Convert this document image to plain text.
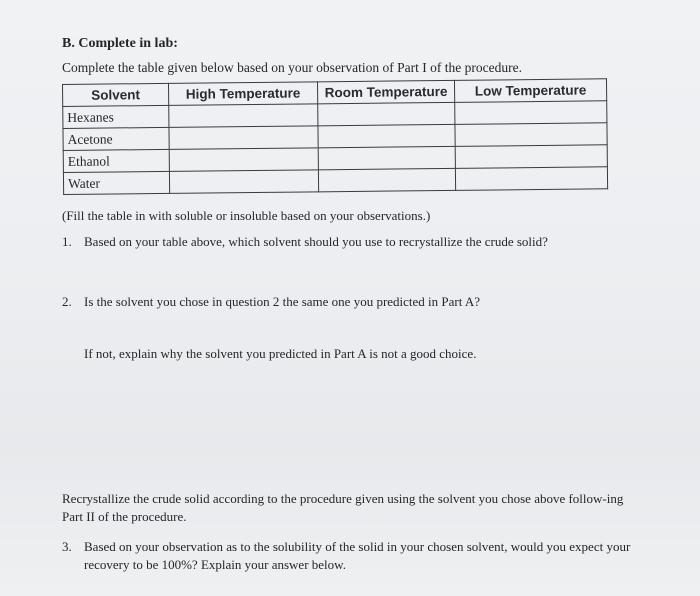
B. Complete in lab:
Complete the table given below based on your observation of Part I of the procedure.
Solvent	High Temperature	Room Temperature	Low Temperature
Hexanes			
Acetone			
Ethanol			
Water			
(Fill the table in with soluble or insoluble based on your observations.)
1. Based on your table above, which solvent should you use to recrystallize the crude solid?
2. Is the solvent you chose in question 2 the same one you predicted in Part A?
If not, explain why the solvent you predicted in Part A is not a good choice.
Recrystallize the crude solid according to the procedure given using the solvent you chose above follow-ing Part II of the procedure.
3. Based on your observation as to the solubility of the solid in your chosen solvent, would you expect your recovery to be 100%? Explain your answer below.
